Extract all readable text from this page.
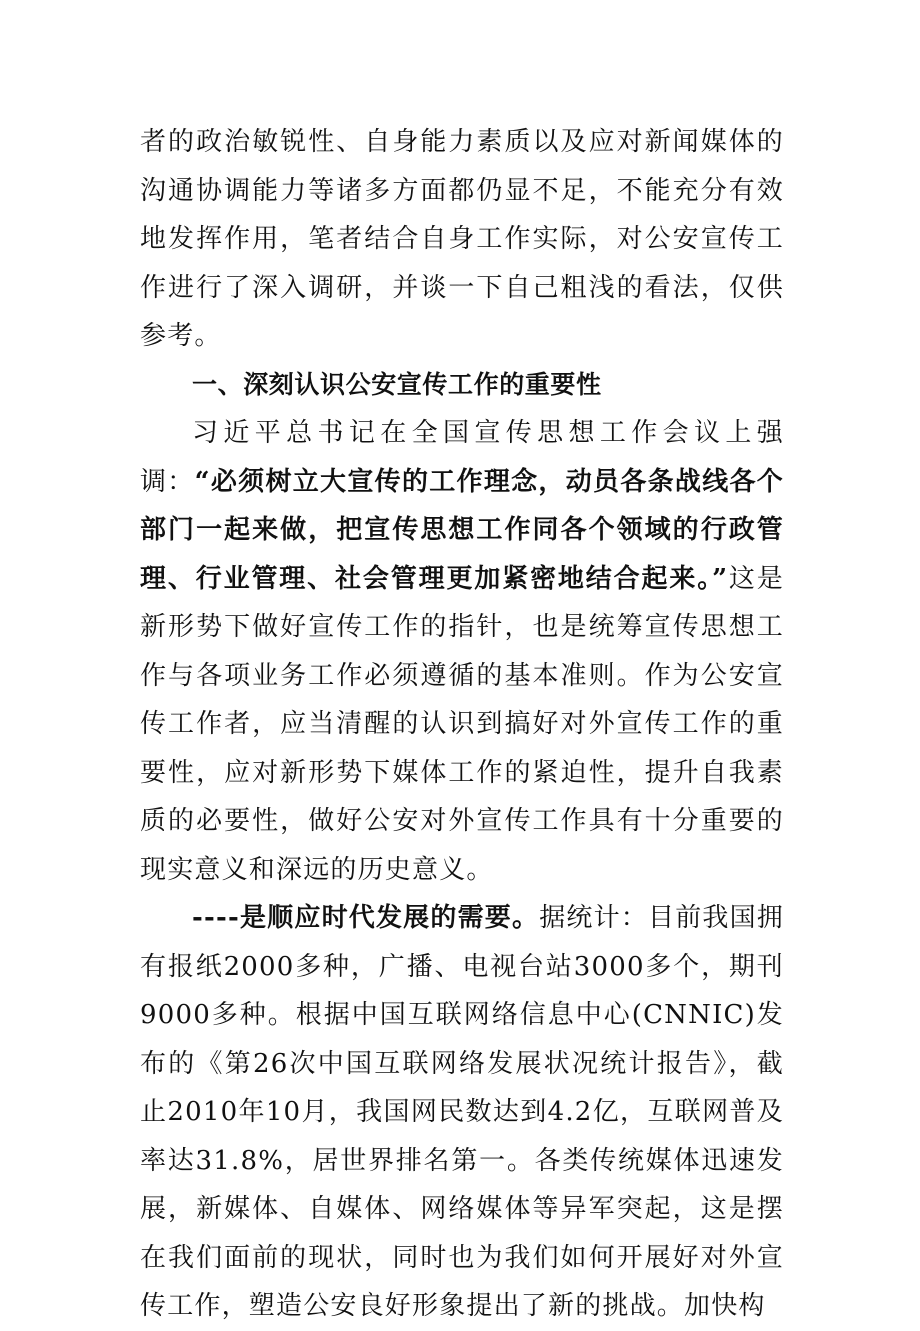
者的政治敏锐性、自身能力素质以及应对新闻媒体的沟通协调能力等诸多方面都仍显不足，不能充分有效地发挥作用，笔者结合自身工作实际，对公安宣传工作进行了深入调研，并谈一下自己粗浅的看法，仅供参考。

一、深刻认识公安宣传工作的重要性

习近平总书记在全国宣传思想工作会议上强调：“必须树立大宣传的工作理念，动员各条战线各个部门一起来做，把宣传思想工作同各个领域的行政管理、行业管理、社会管理更加紧密地结合起来。”这是新形势下做好宣传工作的指针，也是统筹宣传思想工作与各项业务工作必须遵循的基本准则。作为公安宣传工作者，应当清醒的认识到搞好对外宣传工作的重要性，应对新形势下媒体工作的紧迫性，提升自我素质的必要性，做好公安对外宣传工作具有十分重要的现实意义和深远的历史意义。

----是顺应时代发展的需要。据统计：目前我国拥有报纸2000多种，广播、电视台站3000多个，期刊9000多种。根据中国互联网络信息中心(CNNIC)发布的《第26次中国互联网络发展状况统计报告》，截止2010年10月，我国网民数达到4.2亿，互联网普及率达31.8%，居世界排名第一。各类传统媒体迅速发展，新媒体、自媒体、网络媒体等异军突起，这是摆在我们面前的现状，同时也为我们如何开展好对外宣传工作，塑造公安良好形象提出了新的挑战。加快构
